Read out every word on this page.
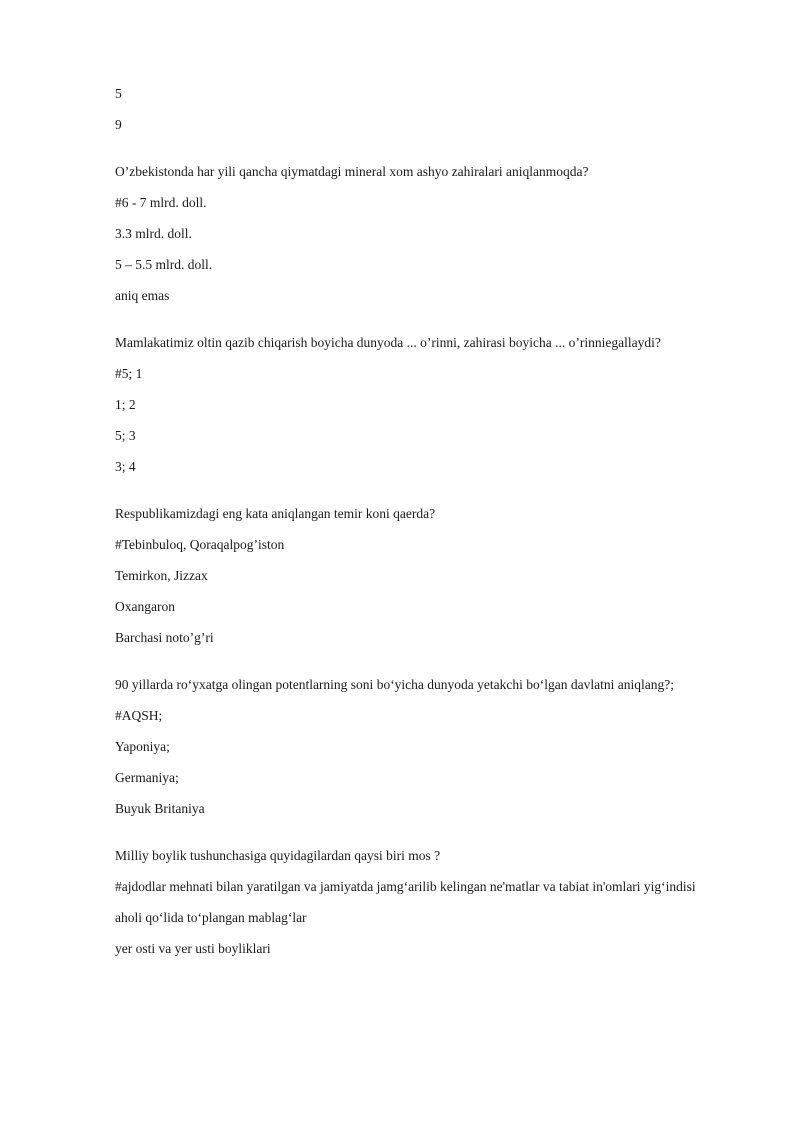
5
9
O’zbekistonda har yili qancha qiymatdagi mineral xom ashyo zahiralari aniqlanmoqda?
#6 - 7 mlrd. doll.
3.3 mlrd. doll.
5 – 5.5 mlrd. doll.
aniq emas
Mamlakatimiz oltin qazib chiqarish boyicha dunyoda ... o’rinni, zahirasi boyicha ... o’rinniegallaydi?
#5; 1
1; 2
5; 3
3; 4
Respublikamizdagi eng kata aniqlangan temir koni qaerda?
#Tebinbuloq, Qoraqalpog’iston
Temirkon, Jizzax
Oxangaron
Barchasi noto’g’ri
90 yillarda ro‘yxatga olingan potentlarning soni bo‘yicha dunyoda yetakchi bo‘lgan davlatni aniqlang?;
#AQSH;
Yaponiya;
Germaniya;
Buyuk Britaniya
Milliy boylik tushunchasiga quyidagilardan qaysi biri mos ?
#ajdodlar mehnati bilan yaratilgan va jamiyatda jamg‘arilib kelingan ne'matlar va tabiat in'omlari yig‘indisi
aholi qo‘lida to‘plangan mablag‘lar
yer osti va yer usti boyliklari
